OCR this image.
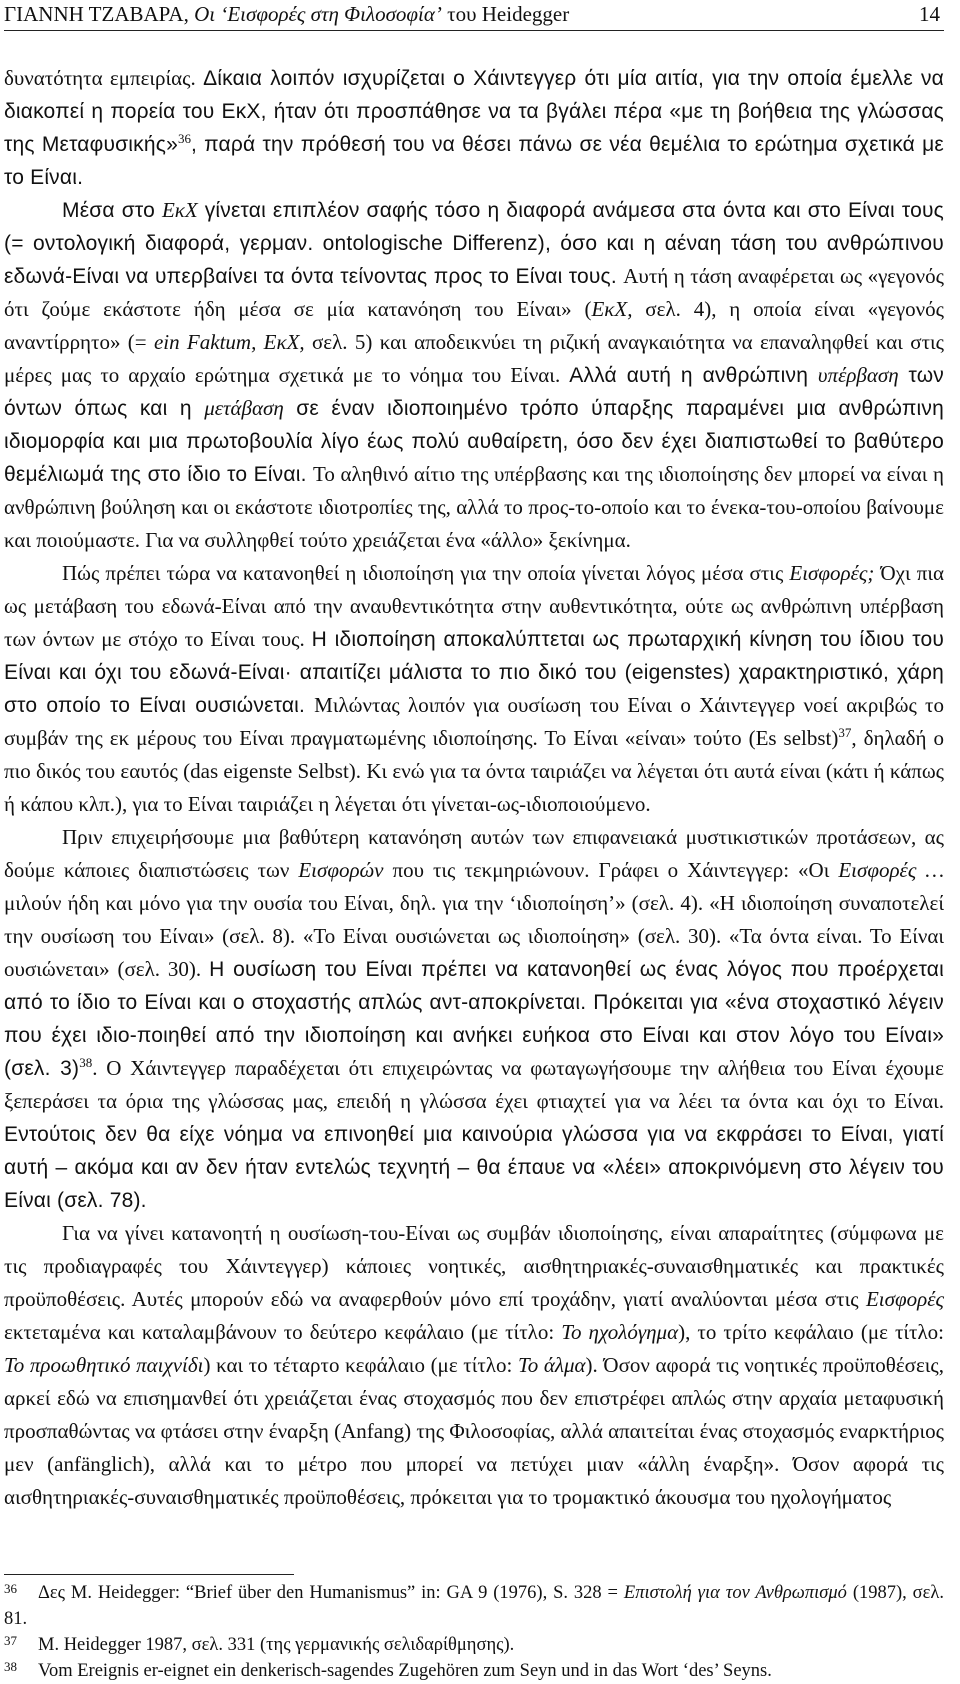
ΓΙΑΝΝΗ ΤΖΑΒΑΡΑ, Οι ‘Εισφορές στη Φιλοσοφία’ του Heidegger	14

δυνατότητα εμπειρίας. Δίκαια λοιπόν ισχυρίζεται ο Χάιντεγγερ ότι μία αιτία, για την οποία έμελλε να διακοπεί η πορεία του ΕκΧ, ήταν ότι προσπάθησε να τα βγάλει πέρα «με τη βοήθεια της γλώσσας της Μεταφυσικής»$^{36}$, παρά την πρόθεσή του να θέσει πάνω σε νέα θεμέλια το ερώτημα σχετικά με το Είναι.

Μέσα στο ΕκΧ γίνεται επιπλέον σαφής τόσο η διαφορά ανάμεσα στα όντα και στο Είναι τους (= οντολογική διαφορά, γερμαν. ontologische Differenz), όσο και η αέναη τάση του ανθρώπινου εδωνά-Είναι να υπερβαίνει τα όντα τείνοντας προς το Είναι τους. Αυτή η τάση αναφέρεται ως «γεγονός ότι ζούμε εκάστοτε ήδη μέσα σε μία κατανόηση του Είναι» (ΕκΧ, σελ. 4), η οποία είναι «γεγονός αναντίρρητο» (= ein Faktum, ΕκΧ, σελ. 5) και αποδεικνύει τη ριζική αναγκαιότητα να επαναληφθεί και στις μέρες μας το αρχαίο ερώτημα σχετικά με το νόημα του Είναι. Αλλά αυτή η ανθρώπινη υπέρβαση των όντων όπως και η μετάβαση σε έναν ιδιοποιημένο τρόπο ύπαρξης παραμένει μια ανθρώπινη ιδιομορφία και μια πρωτοβουλία λίγο έως πολύ αυθαίρετη, όσο δεν έχει διαπιστωθεί το βαθύτερο θεμέλιωμά της στο ίδιο το Είναι. Το αληθινό αίτιο της υπέρβασης και της ιδιοποίησης δεν μπορεί να είναι η ανθρώπινη βούληση και οι εκάστοτε ιδιοτροπίες της, αλλά το προς-το-οποίο και το ένεκα-του-οποίου βαίνουμε και ποιούμαστε. Για να συλληφθεί τούτο χρειάζεται ένα «άλλο» ξεκίνημα.

Πώς πρέπει τώρα να κατανοηθεί η ιδιοποίηση για την οποία γίνεται λόγος μέσα στις Εισφορές; Όχι πια ως μετάβαση του εδωνά-Είναι από την αναυθεντικότητα στην αυθεντικότητα, ούτε ως ανθρώπινη υπέρβαση των όντων με στόχο το Είναι τους. Η ιδιοποίηση αποκαλύπτεται ως πρωταρχική κίνηση του ίδιου του Είναι και όχι του εδωνά-Είναι· απαιτίζει μάλιστα το πιο δικό του (eigenstes) χαρακτηριστικό, χάρη στο οποίο το Είναι ουσιώνεται. Μιλώντας λοιπόν για ουσίωση του Είναι ο Χάιντεγγερ νοεί ακριβώς το συμβάν της εκ μέρους του Είναι πραγματωμένης ιδιοποίησης. Το Είναι «είναι» τούτο (Es selbst)$^{37}$, δηλαδή ο πιο δικός του εαυτός (das eigenste Selbst). Κι ενώ για τα όντα ταιριάζει να λέγεται ότι αυτά είναι (κάτι ή κάπως ή κάπου κλπ.), για το Είναι ταιριάζει η λέγεται ότι γίνεται-ως-ιδιοποιούμενο.

Πριν επιχειρήσουμε μια βαθύτερη κατανόηση αυτών των επιφανειακά μυστικιστικών προτάσεων, ας δούμε κάποιες διαπιστώσεις των Εισφορών που τις τεκμηριώνουν. Γράφει ο Χάιντεγγερ: «Οι Εισφορές … μιλούν ήδη και μόνο για την ουσία του Είναι, δηλ. για την ‘ιδιοποίηση’» (σελ. 4). «Η ιδιοποίηση συναποτελεί την ουσίωση του Είναι» (σελ. 8). «Το Είναι ουσιώνεται ως ιδιοποίηση» (σελ. 30). «Τα όντα είναι. Το Είναι ουσιώνεται» (σελ. 30). Η ουσίωση του Είναι πρέπει να κατανοηθεί ως ένας λόγος που προέρχεται από το ίδιο το Είναι και ο στοχαστής απλώς αντ-αποκρίνεται. Πρόκειται για «ένα στοχαστικό λέγειν που έχει ιδιο-ποιηθεί από την ιδιοποίηση και ανήκει ευήκοα στο Είναι και στον λόγο του Είναι» (σελ. 3)$^{38}$. Ο Χάιντεγγερ παραδέχεται ότι επιχειρώντας να φωταγωγήσουμε την αλήθεια του Είναι έχουμε ξεπεράσει τα όρια της γλώσσας μας, επειδή η γλώσσα έχει φτιαχτεί για να λέει τα όντα και όχι το Είναι. Εντούτοις δεν θα είχε νόημα να επινοηθεί μια καινούρια γλώσσα για να εκφράσει το Είναι, γιατί αυτή – ακόμα και αν δεν ήταν εντελώς τεχνητή – θα έπαυε να «λέει» αποκρινόμενη στο λέγειν του Είναι (σελ. 78).

Για να γίνει κατανοητή η ουσίωση-του-Είναι ως συμβάν ιδιοποίησης, είναι απαραίτητες (σύμφωνα με τις προδιαγραφές του Χάιντεγγερ) κάποιες νοητικές, αισθητηριακές-συναισθηματικές και πρακτικές προϋποθέσεις. Αυτές μπορούν εδώ να αναφερθούν μόνο επί τροχάδην, γιατί αναλύονται μέσα στις Εισφορές εκτεταμένα και καταλαμβάνουν το δεύτερο κεφάλαιο (με τίτλο: Το ηχολόγημα), το τρίτο κεφάλαιο (με τίτλο: Το προωθητικό παιχνίδι) και το τέταρτο κεφάλαιο (με τίτλο: Το άλμα). Όσον αφορά τις νοητικές προϋποθέσεις, αρκεί εδώ να επισημανθεί ότι χρειάζεται ένας στοχασμός που δεν επιστρέφει απλώς στην αρχαία μεταφυσική προσπαθώντας να φτάσει στην έναρξη (Anfang) της Φιλοσοφίας, αλλά απαιτείται ένας στοχασμός εναρκτήριος μεν (anfänglich), αλλά και το μέτρο που μπορεί να πετύχει μιαν «άλλη έναρξη». Όσον αφορά τις αισθητηριακές-συναισθηματικές προϋποθέσεις, πρόκειται για το τρομακτικό άκουσμα του ηχολογήματος

36 Δες M. Heidegger: “Brief über den Humanismus” in: GA 9 (1976), S. 328 = Επιστολή για τον Ανθρωπισμό (1987), σελ. 81.

37 M. Heidegger 1987, σελ. 331 (της γερμανικής σελιδαρίθμησης).

38 Vom Ereignis er-eignet ein denkerisch-sagendes Zugehören zum Seyn und in das Wort ‘des’ Seyns.
